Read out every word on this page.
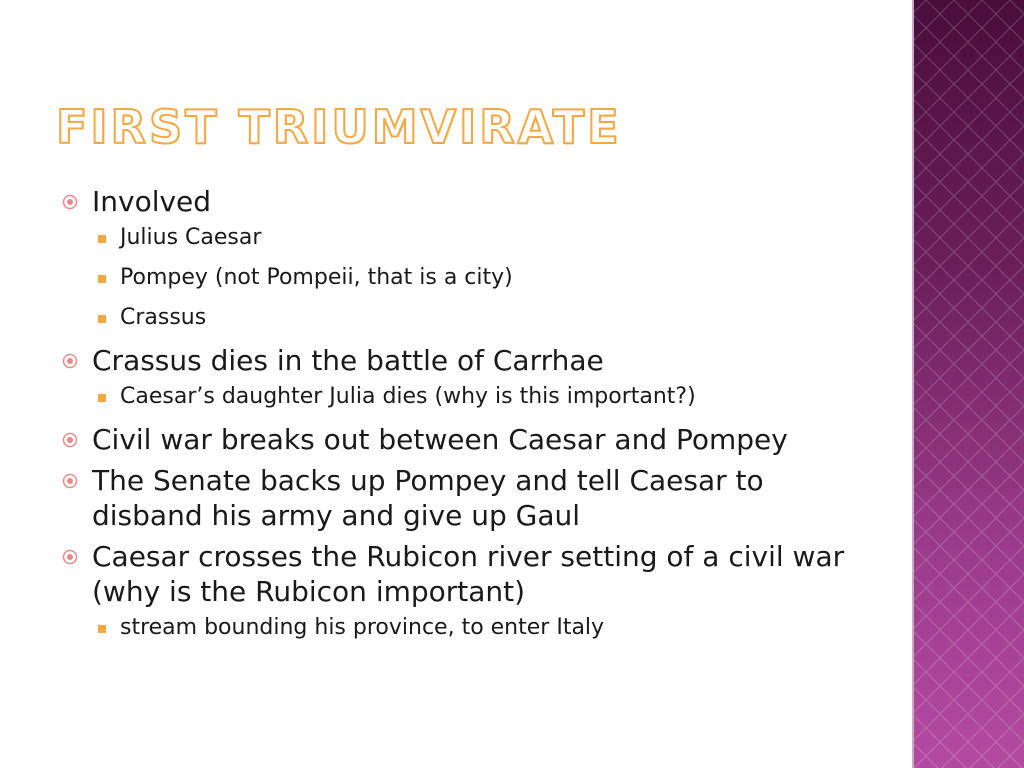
FIRST TRIUMVIRATE
Involved
Julius Caesar
Pompey (not Pompeii, that is a city)
Crassus
Crassus dies in the battle of Carrhae
Caesar’s daughter Julia dies (why is this important?)
Civil war breaks out between Caesar and Pompey
The Senate backs up Pompey and tell Caesar to disband his army and give up Gaul
Caesar crosses the Rubicon river setting of a civil war (why is the Rubicon important)
stream bounding his province, to enter Italy
